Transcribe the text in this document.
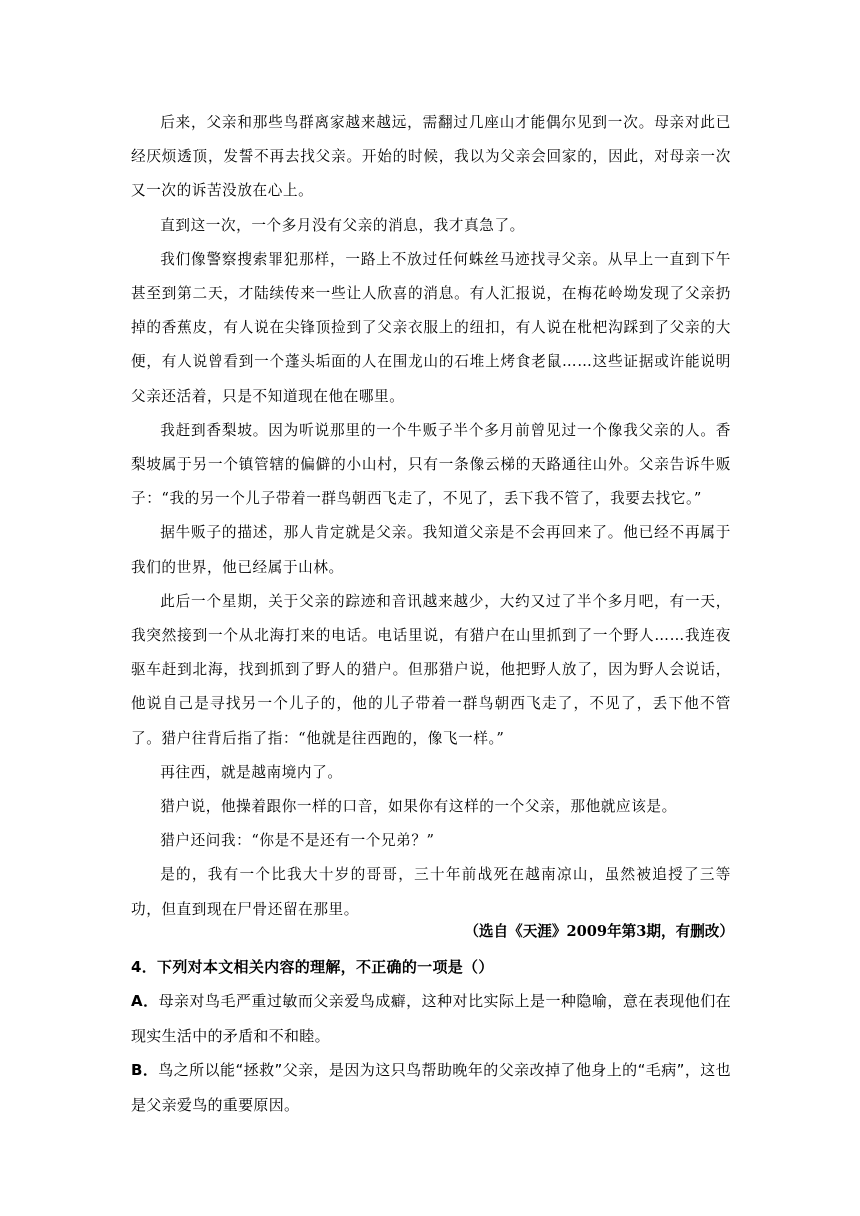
后来，父亲和那些鸟群离家越来越远，需翻过几座山才能偶尔见到一次。母亲对此已经厌烦透顶，发誓不再去找父亲。开始的时候，我以为父亲会回家的，因此，对母亲一次又一次的诉苦没放在心上。

直到这一次，一个多月没有父亲的消息，我才真急了。

我们像警察搜索罪犯那样，一路上不放过任何蛛丝马迹找寻父亲。从早上一直到下午甚至到第二天，才陆续传来一些让人欣喜的消息。有人汇报说，在梅花岭坳发现了父亲扔掉的香蕉皮，有人说在尖锋顶捡到了父亲衣服上的纽扣，有人说在枇杷沟踩到了父亲的大便，有人说曾看到一个蓬头垢面的人在围龙山的石堆上烤食老鼠……这些证据或许能说明父亲还活着，只是不知道现在他在哪里。

我赶到香梨坡。因为听说那里的一个牛贩子半个多月前曾见过一个像我父亲的人。香梨坡属于另一个镇管辖的偏僻的小山村，只有一条像云梯的天路通往山外。父亲告诉牛贩子：“我的另一个儿子带着一群鸟朝西飞走了，不见了，丢下我不管了，我要去找它。”

据牛贩子的描述，那人肯定就是父亲。我知道父亲是不会再回来了。他已经不再属于我们的世界，他已经属于山林。

此后一个星期，关于父亲的踪迹和音讯越来越少，大约又过了半个多月吧，有一天，我突然接到一个从北海打来的电话。电话里说，有猎户在山里抓到了一个野人……我连夜驱车赶到北海，找到抓到了野人的猎户。但那猎户说，他把野人放了，因为野人会说话，他说自己是寻找另一个儿子的，他的儿子带着一群鸟朝西飞走了，不见了，丢下他不管了。猎户往背后指了指：“他就是往西跑的，像飞一样。”

再往西，就是越南境内了。

猎户说，他操着跟你一样的口音，如果你有这样的一个父亲，那他就应该是。

猎户还问我：“你是不是还有一个兄弟？”

是的，我有一个比我大十岁的哥哥，三十年前战死在越南凉山，虽然被追授了三等功，但直到现在尸骨还留在那里。

（选自《天涯》2009年第3期，有删改）

4．下列对本文相关内容的理解，不正确的一项是（）

A．母亲对鸟毛严重过敏而父亲爱鸟成癖，这种对比实际上是一种隐喻，意在表现他们在现实生活中的矛盾和不和睦。

B．鸟之所以能“拯救”父亲，是因为这只鸟帮助晚年的父亲改掉了他身上的“毛病”，这也是父亲爱鸟的重要原因。
